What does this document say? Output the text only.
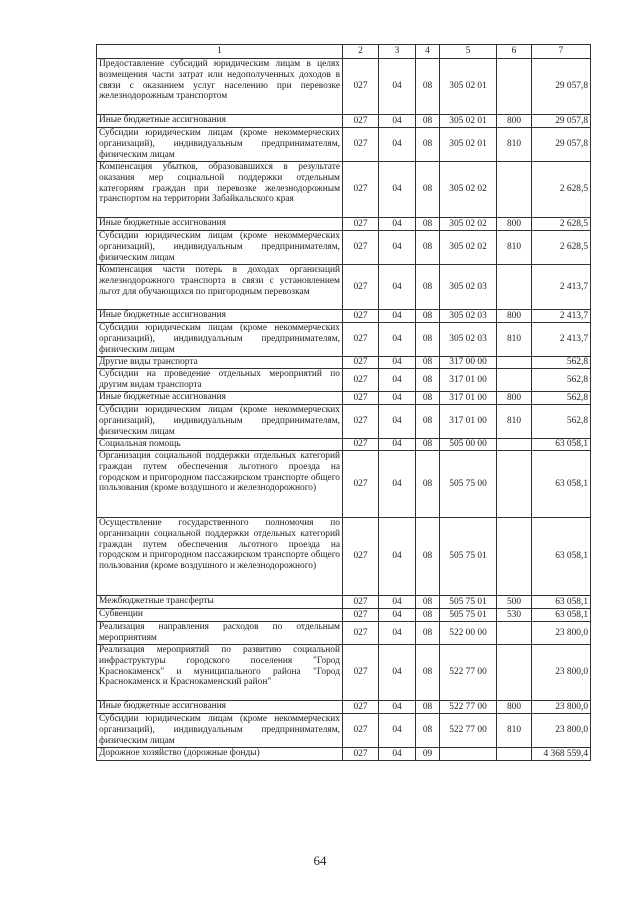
1	2	3	4	5	6	7
Предоставление субсидий юридическим лицам в целях возмещения части затрат или недополученных доходов в связи с оказанием услуг населению при перевозке железнодорожным транспортом	027	04	08	305 02 01		29 057,8
Иные бюджетные ассигнования	027	04	08	305 02 01	800	29 057,8
Субсидии юридическим лицам (кроме некоммерческих организаций), индивидуальным предпринимателям, физическим лицам	027	04	08	305 02 01	810	29 057,8
Компенсация убытков, образовавшихся в результате оказания мер социальной поддержки отдельным категориям граждан при перевозке железнодорожным транспортом на территории Забайкальского края	027	04	08	305 02 02		2 628,5
Иные бюджетные ассигнования	027	04	08	305 02 02	800	2 628,5
Субсидии юридическим лицам (кроме некоммерческих организаций), индивидуальным предпринимателям, физическим лицам	027	04	08	305 02 02	810	2 628,5
Компенсация части потерь в доходах организаций железнодорожного транспорта в связи с установлением льгот для обучающихся по пригородным перевозкам	027	04	08	305 02 03		2 413,7
Иные бюджетные ассигнования	027	04	08	305 02 03	800	2 413,7
Субсидии юридическим лицам (кроме некоммерческих организаций), индивидуальным предпринимателям, физическим лицам	027	04	08	305 02 03	810	2 413,7
Другие виды транспорта	027	04	08	317 00 00		562,8
Субсидии на проведение отдельных мероприятий по другим видам транспорта	027	04	08	317 01 00		562,8
Иные бюджетные ассигнования	027	04	08	317 01 00	800	562,8
Субсидии юридическим лицам (кроме некоммерческих организаций), индивидуальным предпринимателям, физическим лицам	027	04	08	317 01 00	810	562,8
Социальная помощь	027	04	08	505 00 00		63 058,1
Организация социальной поддержки отдельных категорий граждан путем обеспечения льготного проезда на городском и пригородном пассажирском транспорте общего пользования (кроме воздушного и железнодорожного)	027	04	08	505 75 00		63 058,1
Осуществление государственного полномочия по организации социальной поддержки отдельных категорий граждан путем обеспечения льготного проезда на городском и пригородном пассажирском транспорте общего пользования (кроме воздушного и железнодорожного)	027	04	08	505 75 01		63 058,1
Межбюджетные трансферты	027	04	08	505 75 01	500	63 058,1
Субвенции	027	04	08	505 75 01	530	63 058,1
Реализация направления расходов по отдельным мероприятиям	027	04	08	522 00 00		23 800,0
Реализация мероприятий по развитию социальной инфраструктуры городского поселения "Город Краснокаменск" и муниципального района "Город Краснокаменск и Краснокаменский район"	027	04	08	522 77 00		23 800,0
Иные бюджетные ассигнования	027	04	08	522 77 00	800	23 800,0
Субсидии юридическим лицам (кроме некоммерческих организаций), индивидуальным предпринимателям, физическим лицам	027	04	08	522 77 00	810	23 800,0
Дорожное хозяйство (дорожные фонды)	027	04	09			4 368 559,4
64
